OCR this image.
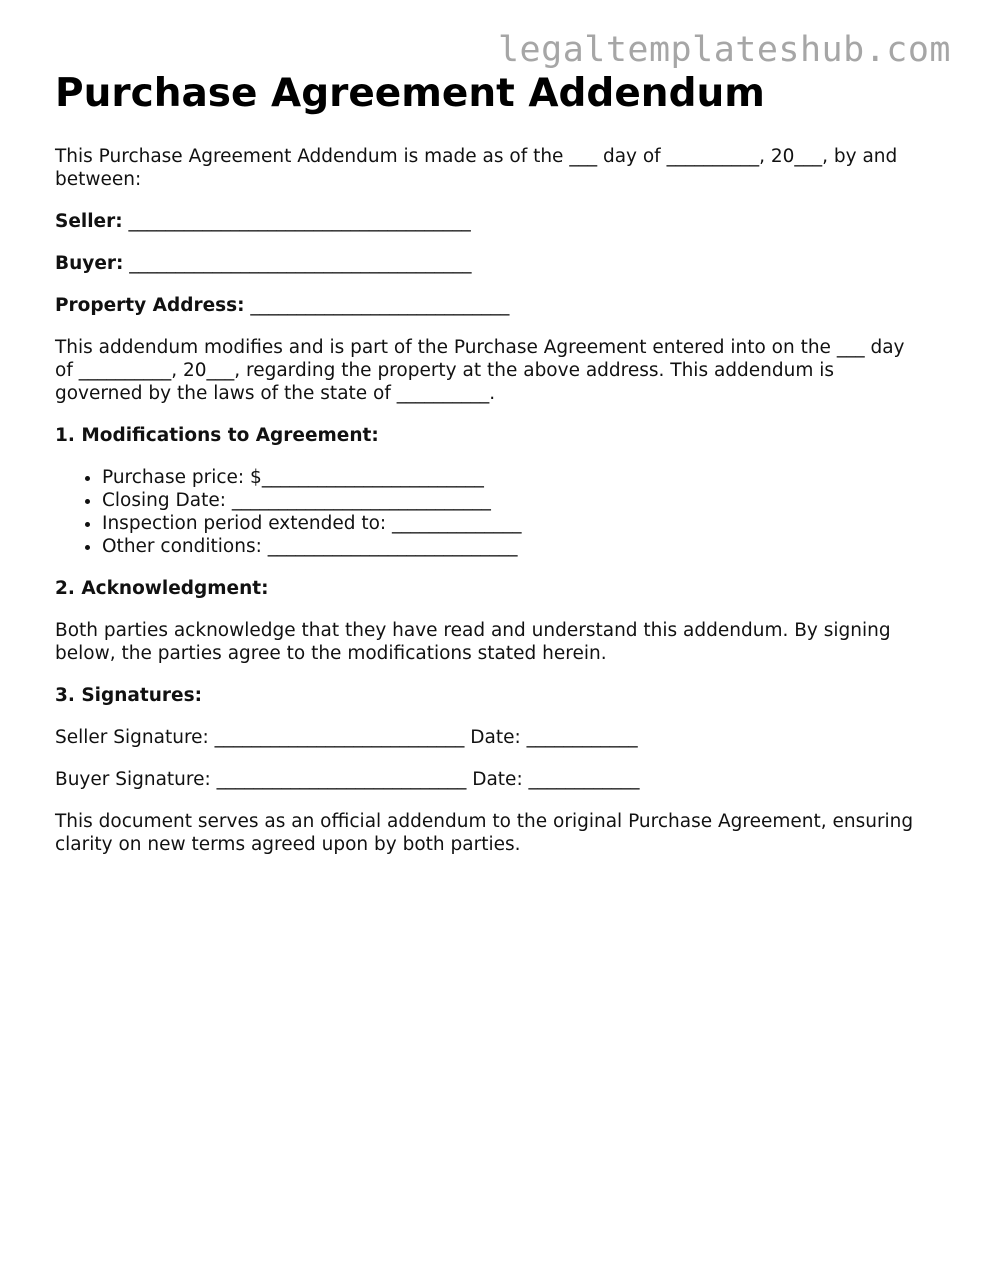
legaltemplateshub.com
Purchase Agreement Addendum

This Purchase Agreement Addendum is made as of the ___ day of __________, 20___, by and between:

Seller: _____________________________________
Buyer: _____________________________________
Property Address: ____________________________

This addendum modifies and is part of the Purchase Agreement entered into on the ___ day of __________, 20___, regarding the property at the above address. This addendum is governed by the laws of the state of __________.

1. Modifications to Agreement:
• Purchase price: $________________________
• Closing Date: ____________________________
• Inspection period extended to: ______________
• Other conditions: ___________________________
2. Acknowledgment:

Both parties acknowledge that they have read and understand this addendum. By signing below, the parties agree to the modifications stated herein.

3. Signatures:

Seller Signature: ___________________________ Date: ____________

Buyer Signature: ___________________________ Date: ____________

This document serves as an official addendum to the original Purchase Agreement, ensuring clarity on new terms agreed upon by both parties.
